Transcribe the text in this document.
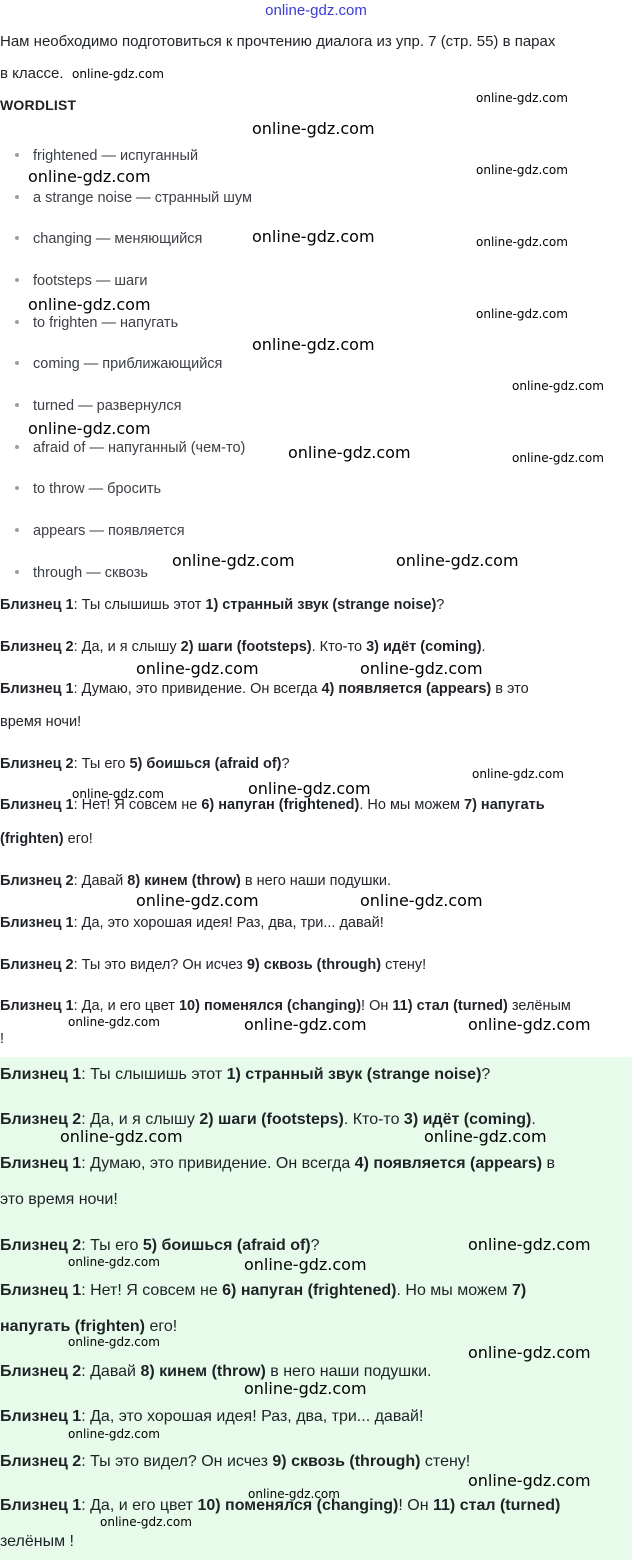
online-gdz.com
Нам необходимо подготовиться к прочтению диалога из упр. 7 (стр. 55) в парах
в классе.
WORDLIST
frightened — испуганный
a strange noise — странный шум
changing — меняющийся
footsteps — шаги
to frighten — напугать
coming — приближающийся
turned — развернулся
afraid of — напуганный (чем-то)
to throw — бросить
appears — появляется
through — сквозь
Близнец 1: Ты слышишь этот 1) странный звук (strange noise)?
Близнец 2: Да, и я слышу 2) шаги (footsteps). Кто-то 3) идёт (coming).
Близнец 1: Думаю, это привидение. Он всегда 4) появляется (appears) в это
время ночи!
Близнец 2: Ты его 5) боишься (afraid of)?
Близнец 1: Нет! Я совсем не 6) напуган (frightened). Но мы можем 7) напугать
(frighten) его!
Близнец 2: Давай 8) кинем (throw) в него наши подушки.
Близнец 1: Да, это хорошая идея! Раз, два, три... давай!
Близнец 2: Ты это видел? Он исчез 9) сквозь (through) стену!
Близнец 1: Да, и его цвет 10) поменялся (changing)! Он 11) стал (turned) зелёным
!
Близнец 1: Ты слышишь этот 1) странный звук (strange noise)?
Близнец 2: Да, и я слышу 2) шаги (footsteps). Кто-то 3) идёт (coming).
Близнец 1: Думаю, это привидение. Он всегда 4) появляется (appears) в
это время ночи!
Близнец 2: Ты его 5) боишься (afraid of)?
Близнец 1: Нет! Я совсем не 6) напуган (frightened). Но мы можем 7)
напугать (frighten) его!
Близнец 2: Давай 8) кинем (throw) в него наши подушки.
Близнец 1: Да, это хорошая идея! Раз, два, три... давай!
Близнец 2: Ты это видел? Он исчез 9) сквозь (through) стену!
Близнец 1: Да, и его цвет 10) поменялся (changing)! Он 11) стал (turned)
зелёным !
online-gdz.com
online-gdz.com
online-gdz.com
online-gdz.com	online-gdz.com
online-gdz.com	online-gdz.com
online-gdz.com	online-gdz.com
online-gdz.com
online-gdz.com
online-gdz.com
online-gdz.com	online-gdz.com
online-gdz.com	online-gdz.com
online-gdz.com	online-gdz.com
online-gdz.com
online-gdz.com
online-gdz.com
online-gdz.com	online-gdz.com
online-gdz.com	online-gdz.com	online-gdz.com
online-gdz.com	online-gdz.com
online-gdz.com
online-gdz.com	online-gdz.com
online-gdz.com
online-gdz.com
online-gdz.com
online-gdz.com
online-gdz.com
online-gdz.com
online-gdz.com
